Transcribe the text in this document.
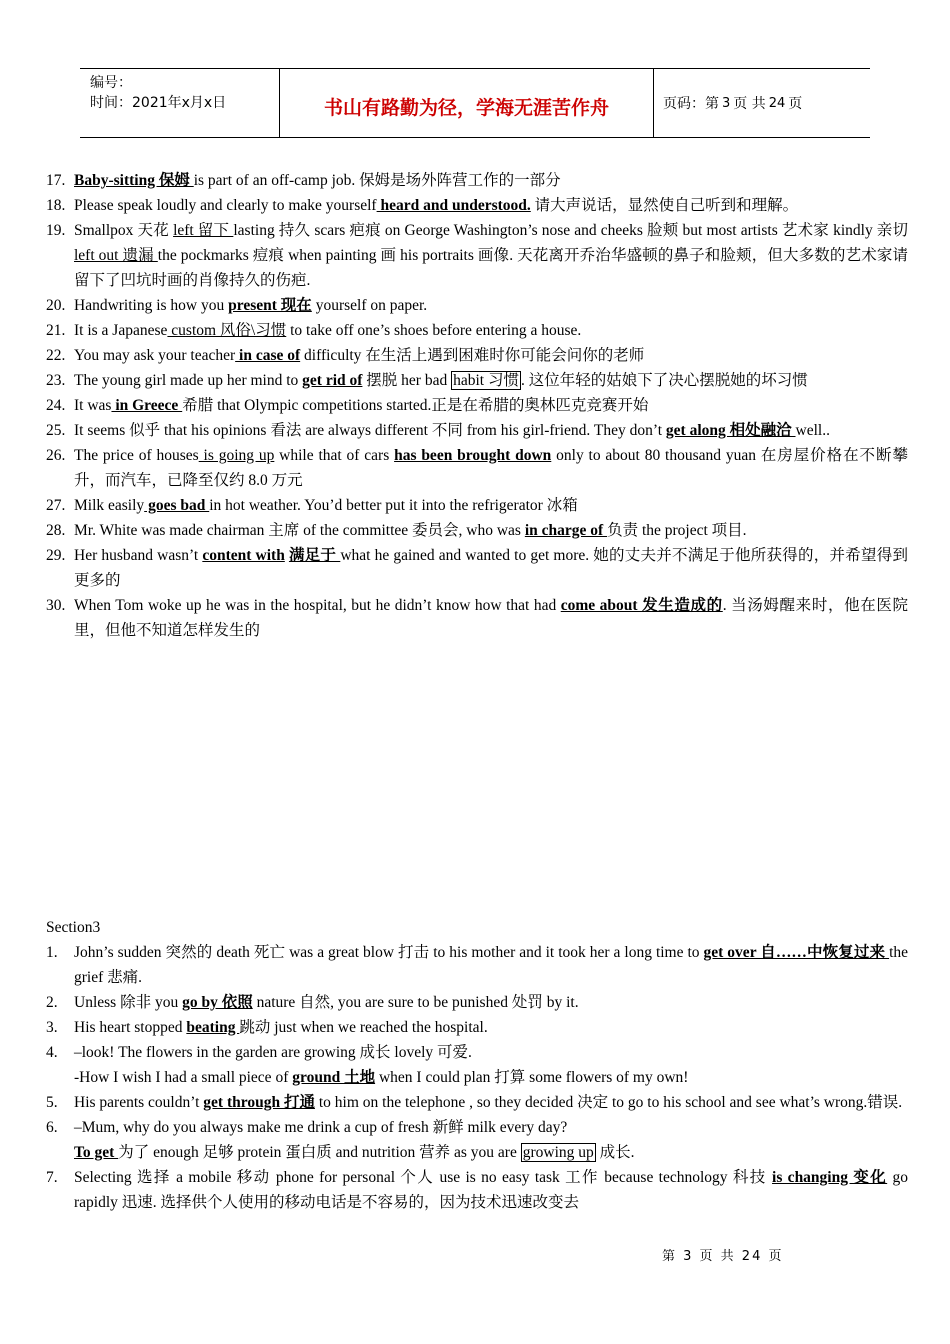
编号：
时间：2021年x月x日	书山有路勤为径，学海无涯苦作舟	页码：第 3 页 共 24 页
17. Baby-sitting 保姆 is part of an off-camp job. 保姆是场外阵营工作的一部分
18. Please speak loudly and clearly to make yourself heard and understood. 请大声说话，显然使自己听到和理解。
19. Smallpox 天花 left 留下 lasting 持久 scars 疤痕 on George Washington’s nose and cheeks 脸颊 but most artists 艺术家 kindly 亲切 left out 遗漏 the pockmarks 痘痕 when painting 画 his portraits 画像. 天花离开乔治华盛顿的鼻子和脸颊，但大多数的艺术家请留下了凹坑时画的肖像持久的伤疤.
20. Handwriting is how you present 现在 yourself on paper.
21. It is a Japanese custom 风俗\习惯 to take off one’s shoes before entering a house.
22. You may ask your teacher in case of difficulty 在生活上遇到困难时你可能会问你的老师
23. The young girl made up her mind to get rid of 摆脱 her bad habit 习惯 . 这位年轻的姑娘下了决心摆脱她的坏习惯
24. It was in Greece 希腊 that Olympic competitions started.正是在希腊的奥林匹克竞赛开始
25. It seems 似乎 that his opinions 看法 are always different 不同 from his girl-friend. They don’t get along 相处融洽 well..
26. The price of houses is going up while that of cars has been brought down only to about 80 thousand yuan 在房屋价格在不断攀升，而汽车，已降至仅约 8.0 万元
27. Milk easily goes bad in hot weather. You’d better put it into the refrigerator 冰箱
28. Mr. White was made chairman 主席 of the committee 委员会, who was in charge of 负责 the project 项目.
29. Her husband wasn’t content with 满足于 what he gained and wanted to get more. 她的丈夫并不满足于他所获得的，并希望得到更多的
30. When Tom woke up he was in the hospital, but he didn’t know how that had come about 发生造成的. 当汤姆醒来时，他在医院里，但他不知道怎样发生的
Section3
1.	John’s sudden 突然的 death 死亡 was a great blow 打击 to his mother and it took her a long time to get over 自……中恢复过来 the grief 悲痛.
2.	Unless 除非 you go by 依照 nature 自然, you are sure to be punished 处罚 by it.
3.	His heart stopped beating 跳动 just when we reached the hospital.
4.	–look! The flowers in the garden are growing 成长 lovely 可爱.
-How I wish I had a small piece of ground 土地 when I could plan 打算 some flowers of my own!
5.	His parents couldn’t get through 打通 to him on the telephone , so they decided 决定 to go to his school and see what’s wrong.错误.
6.	–Mum, why do you always make me drink a cup of fresh 新鲜 milk every day?
To get 为了 enough 足够 protein 蛋白质 and nutrition 营养 as you are growing up 成长.
7.	Selecting 选择 a mobile 移动 phone for personal 个人 use is no easy task 工作 because technology 科技 is changing 变化 go rapidly 迅速. 选择供个人使用的移动电话是不容易的，因为技术迅速改变去
第 3 页 共 24 页
